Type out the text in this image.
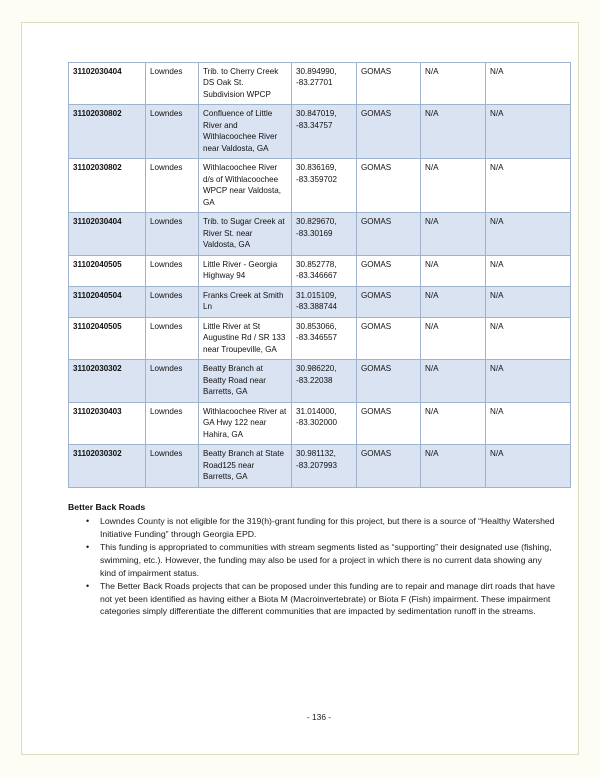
31102030404	Lowndes	Trib. to Cherry Creek DS Oak St. Subdivision WPCP	30.894990, -83.27701	GOMAS	N/A	N/A
31102030802	Lowndes	Confluence of Little River and Withlacoochee River near Valdosta, GA	30.847019, -83.34757	GOMAS	N/A	N/A
31102030802	Lowndes	Withlacoochee River d/s of Withlacoochee WPCP near Valdosta, GA	30.836169, -83.359702	GOMAS	N/A	N/A
31102030404	Lowndes	Trib. to Sugar Creek at River St. near Valdosta, GA	30.829670, -83.30169	GOMAS	N/A	N/A
31102040505	Lowndes	Little River - Georgia Highway 94	30.852778, -83.346667	GOMAS	N/A	N/A
31102040504	Lowndes	Franks Creek at Smith Ln	31.015109, -83.388744	GOMAS	N/A	N/A
31102040505	Lowndes	Little River at St Augustine Rd / SR 133 near Troupeville, GA	30.853066, -83.346557	GOMAS	N/A	N/A
31102030302	Lowndes	Beatty Branch at Beatty Road near Barretts, GA	30.986220, -83.22038	GOMAS	N/A	N/A
31102030403	Lowndes	Withlacoochee River at GA Hwy 122 near Hahira, GA	31.014000, -83.302000	GOMAS	N/A	N/A
31102030302	Lowndes	Beatty Branch at State Road125 near Barretts, GA	30.981132, -83.207993	GOMAS	N/A	N/A
Better Back Roads
• Lowndes County is not eligible for the 319(h)-grant funding for this project, but there is a source of “Healthy Watershed Initiative Funding” through Georgia EPD.
• This funding is appropriated to communities with stream segments listed as “supporting” their designated use (fishing, swimming, etc.). However, the funding may also be used for a project in which there is no current data showing any kind of impairment status.
• The Better Back Roads projects that can be proposed under this funding are to repair and manage dirt roads that have not yet been identified as having either a Biota M (Macroinvertebrate) or Biota F (Fish) impairment. These impairment categories simply differentiate the different communities that are impacted by sedimentation runoff in the streams.
- 136 -
